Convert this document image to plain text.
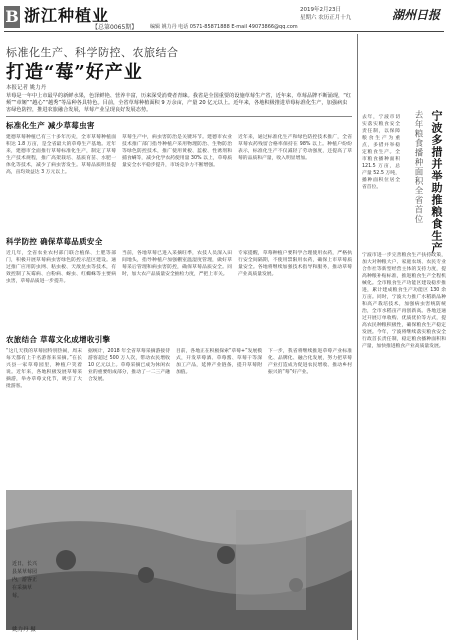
B 浙江种植业
【总第0065期】
2019年2月23日
星期六 农历正月十九	湖州日报
编辑 姚力丹 电话 0571-85871888 E-mail 49073866@qq.com
标准化生产、科学防控、农旅结合
打造“莓”好产业
本报记者 姚力丹
草莓是一年中上市最早的新鲜水果，色泽鲜艳、营养丰富，历来深受消费者青睐。我省是全国重要的设施草莓生产省，近年来，草莓品牌不断涌现，“红颊”“章姬”“越心”“越秀”等品种各具特色。目前，全省草莓种植面积 9 万余亩，产量 20 亿元以上。近年来，各地积极推进草莓标准化生产，加强病虫害绿色防控，推进农旅融合发展，草莓产业呈现良好发展态势。
标准化生产 减少草莓虫害
建德草莓种植已有三十多年历史，全市草莓种植面积达 1.8 万亩，是全省最大的草莓生产基地。近年来，建德市全面推行草莓标准化生产，制定了草莓生产技术规程，推广高架栽培、基质育苗、水肥一体化等技术，减少了病虫害发生。草莓品质明显提高，亩均效益达 3 万元以上。
草莓生产中，病虫害防治是关键环节。建德市农业技术推广部门指导种植户采用物理防治、生物防治等绿色防控技术，推广使用黄板、蓝板、性诱剂和捕食螨等，减少化学农药使用量 30% 以上，草莓质量安全水平稳步提升，市场竞争力不断增强。
近年来，通过标准化生产和绿色防控技术推广，全省草莓农药残留合格率保持在 98% 以上。种植户纷纷表示，标准化生产不仅减轻了劳动强度，还提高了草莓的品质和产量，收入明显增加。
科学防控 确保草莓品质安全
近几年，全省农业农村部门联合植保、土肥等部门，积极开展草莓病虫害绿色防控示范区建设。通过推广应用防虫网、粘虫板、天敌昆虫等技术，有效控制了灰霉病、白粉病、蚜虫、红蜘蛛等主要病虫害，草莓品质进一步提升。
当前，各地草莓已进入采摘旺季，农技人员深入田间地头，指导种植户加强棚室温湿度管理，做好草莓采后管理和病虫害防控，确保草莓品质安全。同时，加大农产品质量安全抽检力度，严把上市关。
专家提醒，草莓种植户要科学合理使用农药，严格执行安全间隔期，不使用禁限用农药，确保上市草莓质量安全。各地将继续加强技术指导和服务，推动草莓产业高质量发展。
农旅结合 草莓文化成增收引擎
“这几天我的草莓园特别热闹，周末每天都有上千名游客来采摘。”在长兴县一家草莓园里，种植户笑着说。近年来，各地积极发展草莓采摘游，举办草莓文化节，吸引了大批游客。
据统计，2018 年全省草莓采摘游接待游客超过 500 万人次，带动农民增收 10 亿元以上。草莓采摘已成为休闲农业的重要组成部分，推动了一二三产融合发展。
目前，各地正在积极探索“草莓+”发展模式，开发草莓酒、草莓酱、草莓干等深加工产品，延伸产业链条，提升草莓附加值。
下一步，我省将继续推进草莓产业标准化、品牌化、融合化发展，努力把草莓产业打造成为促进农民增收、推动乡村振兴的“莓”好产业。
近日，长兴县某草莓园内，游客正在采摘草莓。
姚力丹 摄
去年，宁波市切实落实粮食安全责任制，以保障粮食生产为重点，多措并举稳定粮食生产。全市粮食播种面积 121.5 万亩，总产量 52.5 万吨，播种面积位居全省首位。	宁波多措并举助推粮食生产
去年粮食播种面积全省首位
宁波市进一步完善粮食生产扶持政策，加大对种粮大户、家庭农场、农民专业合作社等新型经营主体的支持力度，提高种粮补贴标准，推进粮食生产全程机械化。全市粮食生产功能区建设稳步推进，累计建成粮食生产功能区 130 余万亩。同时，宁波大力推广水稻新品种和高产栽培技术，加强病虫害统防统治，全市水稻亩产再创新高。各地还通过开展订单收购、优质优价等方式，提高农民种粮积极性，确保粮食生产稳定发展。今年，宁波将继续落实粮食安全行政首长责任制，稳定粮食播种面积和产量，加快推进粮食产业高质量发展。
